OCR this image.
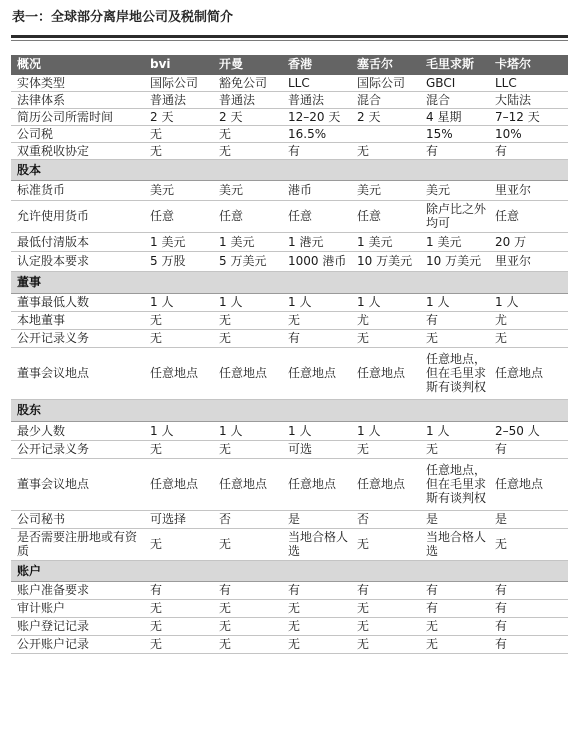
表一：全球部分离岸地公司及税制简介
概况	bvi	开曼	香港	塞舌尔	毛里求斯	卡塔尔
实体类型	国际公司	豁免公司	LLC	国际公司	GBCI	LLC
法律体系	普通法	普通法	普通法	混合	混合	大陆法
简历公司所需时间	2 天	2 天	12–20 天	2 天	4 星期	7–12 天
公司税	无	无	16.5%		15%	10%
双重税收协定	无	无	有	无	有	有
股本						
标准货币	美元	美元	港币	美元	美元	里亚尔
允许使用货币	任意	任意	任意	任意	除卢比之外均可	任意
最低付清版本	1 美元	1 美元	1 港元	1 美元	1 美元	20 万
认定股本要求	5 万股	5 万美元	1000 港币	10 万美元	10 万美元	里亚尔
董事						
董事最低人数	1 人	1 人	1 人	1 人	1 人	1 人
本地董事	无	无	无	尤	有	尤
公开记录义务	无	无	有	无	无	无
董事会议地点	任意地点	任意地点	任意地点	任意地点	任意地点，但在毛里求斯有谈判权	任意地点
股东						
最少人数	1 人	1 人	1 人	1 人	1 人	2–50 人
公开记录义务	无	无	可选	无	无	有
董事会议地点	任意地点	任意地点	任意地点	任意地点	任意地点，但在毛里求斯有谈判权	任意地点
公司秘书	可选择	否	是	否	是	是
是否需要注册地或有资质	无	无	当地合格人选	无	当地合格人选	无
账户						
账户准备要求	有	有	有	有	有	有
审计账户	无	无	无	无	有	有
账户登记记录	无	无	无	无	无	有
公开账户记录	无	无	无	无	无	有
